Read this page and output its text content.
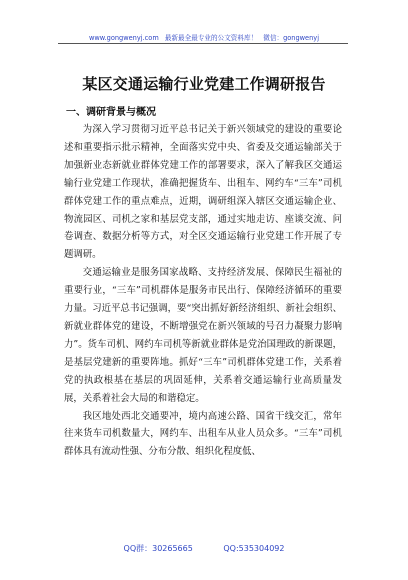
www.gongwenyj.com 最新最全最专业的公文资料库！ 微信：gongwenyj
某区交通运输行业党建工作调研报告
一、调研背景与概况

为深入学习贯彻习近平总书记关于新兴领域党的建设的重要论述和重要指示批示精神，全面落实党中央、省委及交通运输部关于加强新业态新就业群体党建工作的部署要求，深入了解我区交通运输行业党建工作现状，准确把握货车、出租车、网约车“三车”司机群体党建工作的重点难点，近期，调研组深入辖区交通运输企业、物流园区、司机之家和基层党支部，通过实地走访、座谈交流、问卷调查、数据分析等方式，对全区交通运输行业党建工作开展了专题调研。

交通运输业是服务国家战略、支持经济发展、保障民生福祉的重要行业，“三车”司机群体是服务市民出行、保障经济循环的重要力量。习近平总书记强调，要“突出抓好新经济组织、新社会组织、新就业群体党的建设，不断增强党在新兴领域的号召力凝聚力影响力”。货车司机、网约车司机等新就业群体是党治国理政的新课题，是基层党建新的重要阵地。抓好“三车”司机群体党建工作，关系着党的执政根基在基层的巩固延伸，关系着交通运输行业高质量发展，关系着社会大局的和谐稳定。

我区地处西北交通要冲，境内高速公路、国省干线交汇，常年往来货车司机数量大，网约车、出租车从业人员众多。“三车”司机群体具有流动性强、分布分散、组织化程度低、

QQ群：30265665	QQ:535304092
